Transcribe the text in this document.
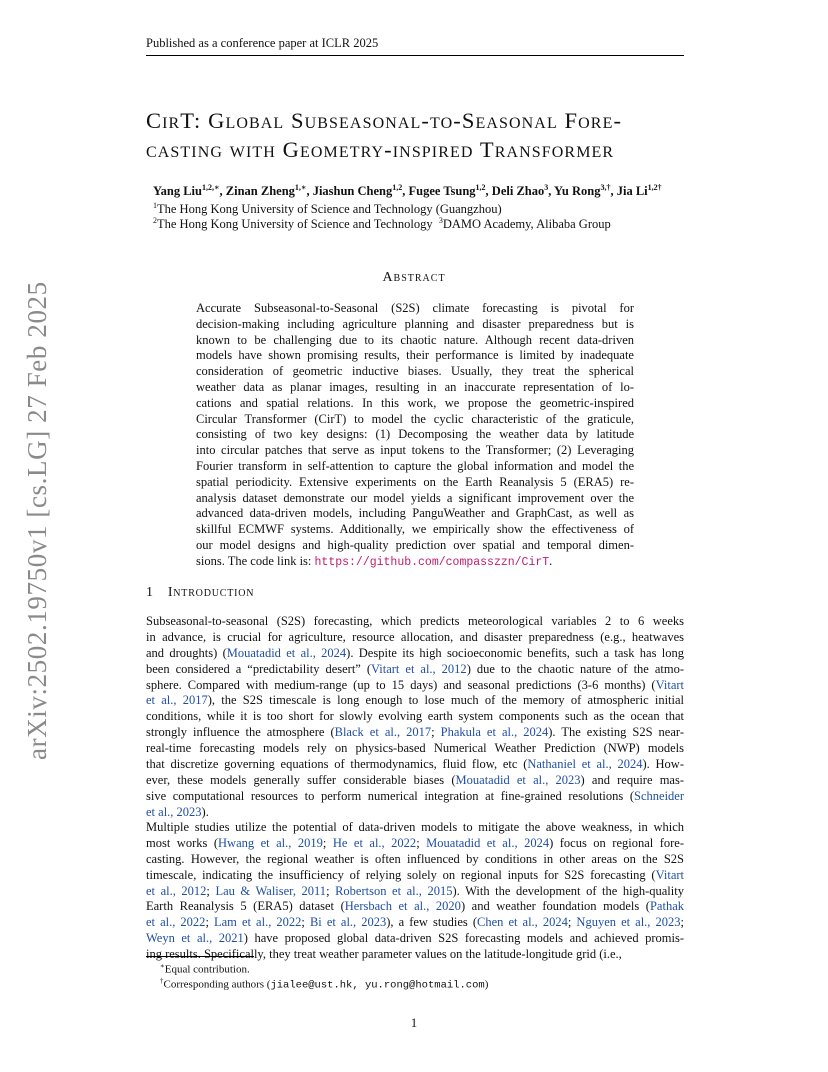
arXiv:2502.19750v1 [cs.LG] 27 Feb 2025
Published as a conference paper at ICLR 2025
CirT: Global Subseasonal-to-Seasonal Fore-
casting with Geometry-inspired Transformer
Yang Liu$^{1,2,∗}$, Zinan Zheng$^{1,∗}$, Jiashun Cheng$^{1,2}$, Fugee Tsung$^{1,2}$, Deli Zhao$^3$, Yu Rong$^{3,\dagger}$, Jia $Li^{1,2\dagger}$
$^1$The Hong Kong University of Science and Technology (Guangzhou)
$^2$The Hong Kong University of Science and Technology $^3$DAMO Academy, Alibaba Group
Abstract
Accurate Subseasonal-to-Seasonal (S2S) climate forecasting is pivotal for
decision-making including agriculture planning and disaster preparedness but is
known to be challenging due to its chaotic nature. Although recent data-driven
models have shown promising results, their performance is limited by inadequate
consideration of geometric inductive biases. Usually, they treat the spherical
weather data as planar images, resulting in an inaccurate representation of lo-
cations and spatial relations. In this work, we propose the geometric-inspired
Circular Transformer (CirT) to model the cyclic characteristic of the graticule,
consisting of two key designs: (1) Decomposing the weather data by latitude
into circular patches that serve as input tokens to the Transformer; (2) Leveraging
Fourier transform in self-attention to capture the global information and model the
spatial periodicity. Extensive experiments on the Earth Reanalysis 5 (ERA5) re-
analysis dataset demonstrate our model yields a significant improvement over the
advanced data-driven models, including PanguWeather and GraphCast, as well as
skillful ECMWF systems. Additionally, we empirically show the effectiveness of
our model designs and high-quality prediction over spatial and temporal dimen-
sions. The code link is: https://github.com/compasszzn/CirT.
1 Introduction
Subseasonal-to-seasonal (S2S) forecasting, which predicts meteorological variables 2 to 6 weeks
in advance, is crucial for agriculture, resource allocation, and disaster preparedness (e.g., heatwaves
and droughts) (Mouatadid et al., 2024). Despite its high socioeconomic benefits, such a task has long
been considered a “predictability desert” (Vitart et al., 2012) due to the chaotic nature of the atmo-
sphere. Compared with medium-range (up to 15 days) and seasonal predictions (3-6 months) (Vitart
et al., 2017), the S2S timescale is long enough to lose much of the memory of atmospheric initial
conditions, while it is too short for slowly evolving earth system components such as the ocean that
strongly influence the atmosphere (Black et al., 2017; Phakula et al., 2024). The existing S2S near-
real-time forecasting models rely on physics-based Numerical Weather Prediction (NWP) models
that discretize governing equations of thermodynamics, fluid flow, etc (Nathaniel et al., 2024). How-
ever, these models generally suffer considerable biases (Mouatadid et al., 2023) and require mas-
sive computational resources to perform numerical integration at fine-grained resolutions (Schneider
et al., 2023).
Multiple studies utilize the potential of data-driven models to mitigate the above weakness, in which
most works (Hwang et al., 2019; He et al., 2022; Mouatadid et al., 2024) focus on regional fore-
casting. However, the regional weather is often influenced by conditions in other areas on the S2S
timescale, indicating the insufficiency of relying solely on regional inputs for S2S forecasting (Vitart
et al., 2012; Lau & Waliser, 2011; Robertson et al., 2015). With the development of the high-quality
Earth Reanalysis 5 (ERA5) dataset (Hersbach et al., 2020) and weather foundation models (Pathak
et al., 2022; Lam et al., 2022; Bi et al., 2023), a few studies (Chen et al., 2024; Nguyen et al., 2023;
Weyn et al., 2021) have proposed global data-driven S2S forecasting models and achieved promis-
ing results. Specifically, they treat weather parameter values on the latitude-longitude grid (i.e.,
∗Equal contribution.
†Corresponding authors (jialee@ust.hk, yu.rong@hotmail.com)
1
